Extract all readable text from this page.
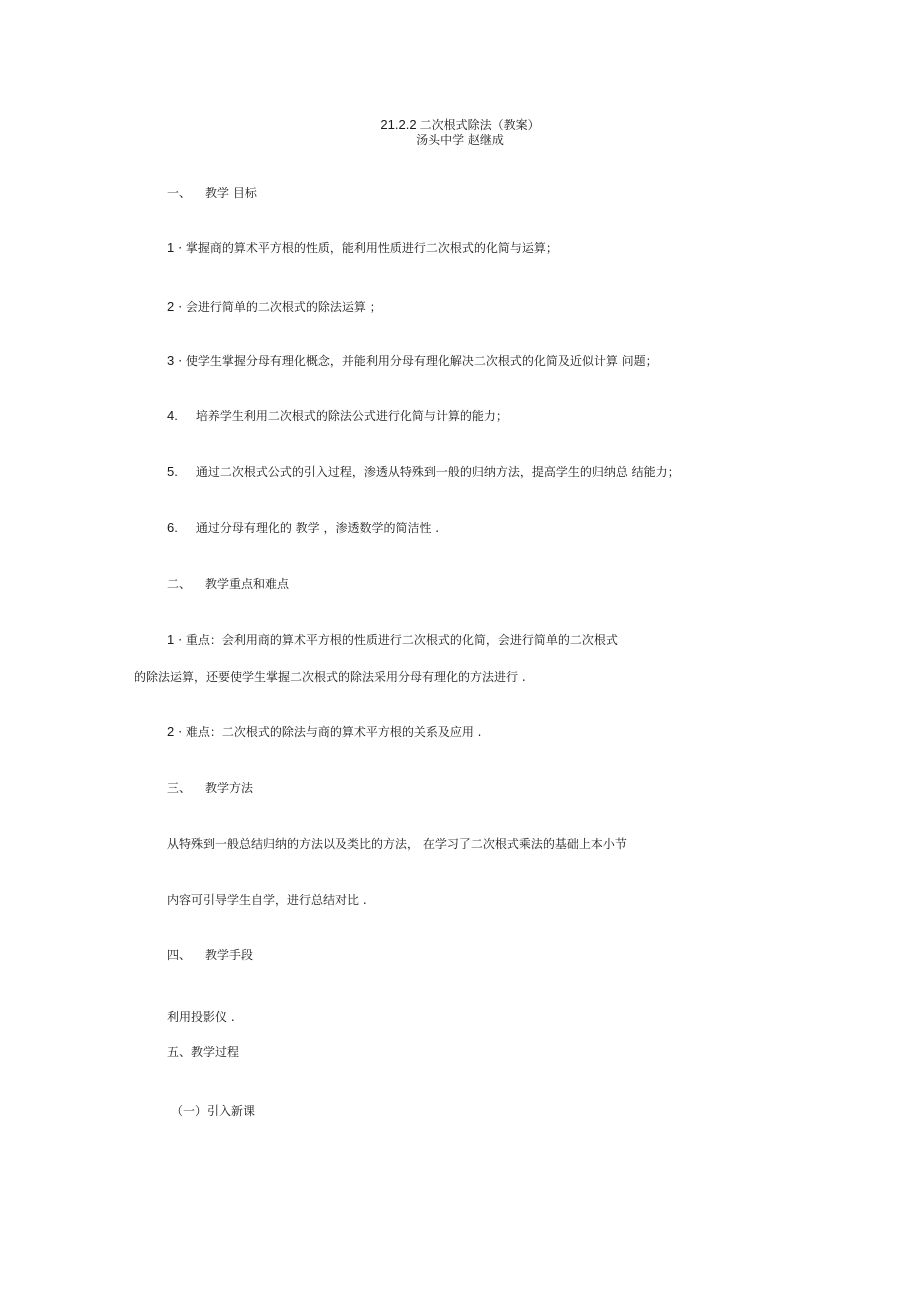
21.2.2 二次根式除法（教案）
汤头中学 赵继成
一、 教学 目标
1 · 掌握商的算术平方根的性质，能利用性质进行二次根式的化简与运算；
2 · 会进行简单的二次根式的除法运算 ；
3 · 使学生掌握分母有理化概念，并能利用分母有理化解决二次根式的化简及近似计算 问题；
4. 培养学生利用二次根式的除法公式进行化简与计算的能力；
5. 通过二次根式公式的引入过程，渗透从特殊到一般的归纳方法，提高学生的归纳总 结能力；
6. 通过分母有理化的 教学 ，渗透数学的简洁性 .
二、 教学重点和难点
1 · 重点：会利用商的算术平方根的性质进行二次根式的化简，会进行简单的二次根式
的除法运算，还要使学生掌握二次根式的除法采用分母有理化的方法进行 .
2 · 难点：二次根式的除法与商的算术平方根的关系及应用 .
三、 教学方法
从特殊到一般总结归纳的方法以及类比的方法， 在学习了二次根式乘法的基础上本小节
内容可引导学生自学，进行总结对比 .
四、 教学手段
利用投影仪 .
五、教学过程
（一）引入新课
